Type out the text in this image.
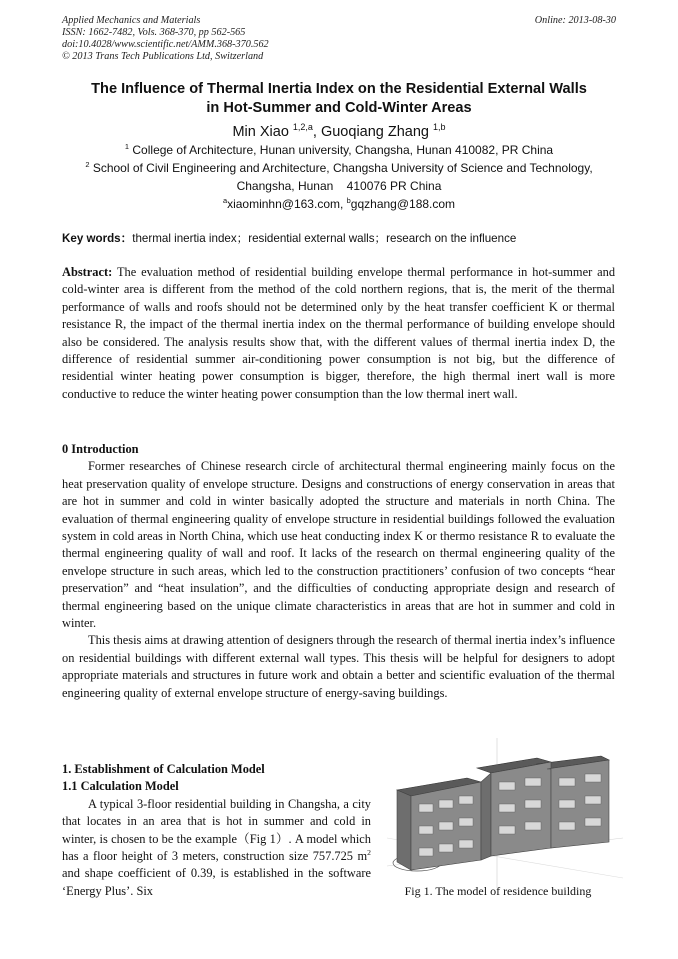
Applied Mechanics and Materials
ISSN: 1662-7482, Vols. 368-370, pp 562-565
doi:10.4028/www.scientific.net/AMM.368-370.562
© 2013 Trans Tech Publications Ltd, Switzerland
Online: 2013-08-30
The Influence of Thermal Inertia Index on the Residential External Walls
in Hot-Summer and Cold-Winter Areas
Min Xiao $^{1,2,a}$, Guoqiang Zhang $^{1,b}$
$^1$ College of Architecture, Hunan university, Changsha, Hunan 410082, PR China
$^2$ School of Civil Engineering and Architecture, Changsha University of Science and Technology,
Changsha, Hunan    410076 PR China
$^a$xiaominhn@163.com, $^b$gqzhang@188.com
Key words：thermal inertia index；residential external walls；research on the influence

Abstract: The evaluation method of residential building envelope thermal performance in hot-summer and cold-winter area is different from the method of the cold northern regions, that is, the merit of the thermal performance of walls and roofs should not be determined only by the heat transfer coefficient K or thermal resistance R, the impact of the thermal inertia index on the thermal performance of building envelope should also be considered. The analysis results show that, with the different values of thermal inertia index D, the difference of residential summer air-conditioning power consumption is not big, but the difference of residential winter heating power consumption is bigger, therefore, the high thermal inert wall is more conductive to reduce the winter heating power consumption than the low thermal inert wall.

0 Introduction

Former researches of Chinese research circle of architectural thermal engineering mainly focus on the heat preservation quality of envelope structure. Designs and constructions of energy conservation in areas that are hot in summer and cold in winter basically adopted the structure and materials in north China. The evaluation of thermal engineering quality of envelope structure in residential buildings followed the evaluation system in cold areas in North China, which use heat conducting index K or thermo resistance R to evaluate the thermal engineering quality of wall and roof. It lacks of the research on thermal engineering quality of the envelope structure in such areas, which led to the construction practitioners’ confusion of two concepts “hear preservation” and “heat insulation”, and the difficulties of conducting appropriate design and research of thermal engineering based on the unique climate characteristics in areas that are hot in summer and cold in winter.

This thesis aims at drawing attention of designers through the research of thermal inertia index’s influence on residential buildings with different external wall types. This thesis will be helpful for designers to adopt appropriate materials and structures in future work and obtain a better and scientific evaluation of the thermal engineering quality of external envelope structure of energy-saving buildings.

1. Establishment of Calculation Model

1.1 Calculation Model

A typical 3-floor residential building in Changsha, a city that locates in an area that is hot in summer and cold in winter, is chosen to be the example（Fig 1）. A model which has a floor height of 3 meters, construction size 757.725 $m^2$ and shape coefficient of 0.39, is established in the software ‘Energy Plus’. Six	Fig 1. The model of residence building
